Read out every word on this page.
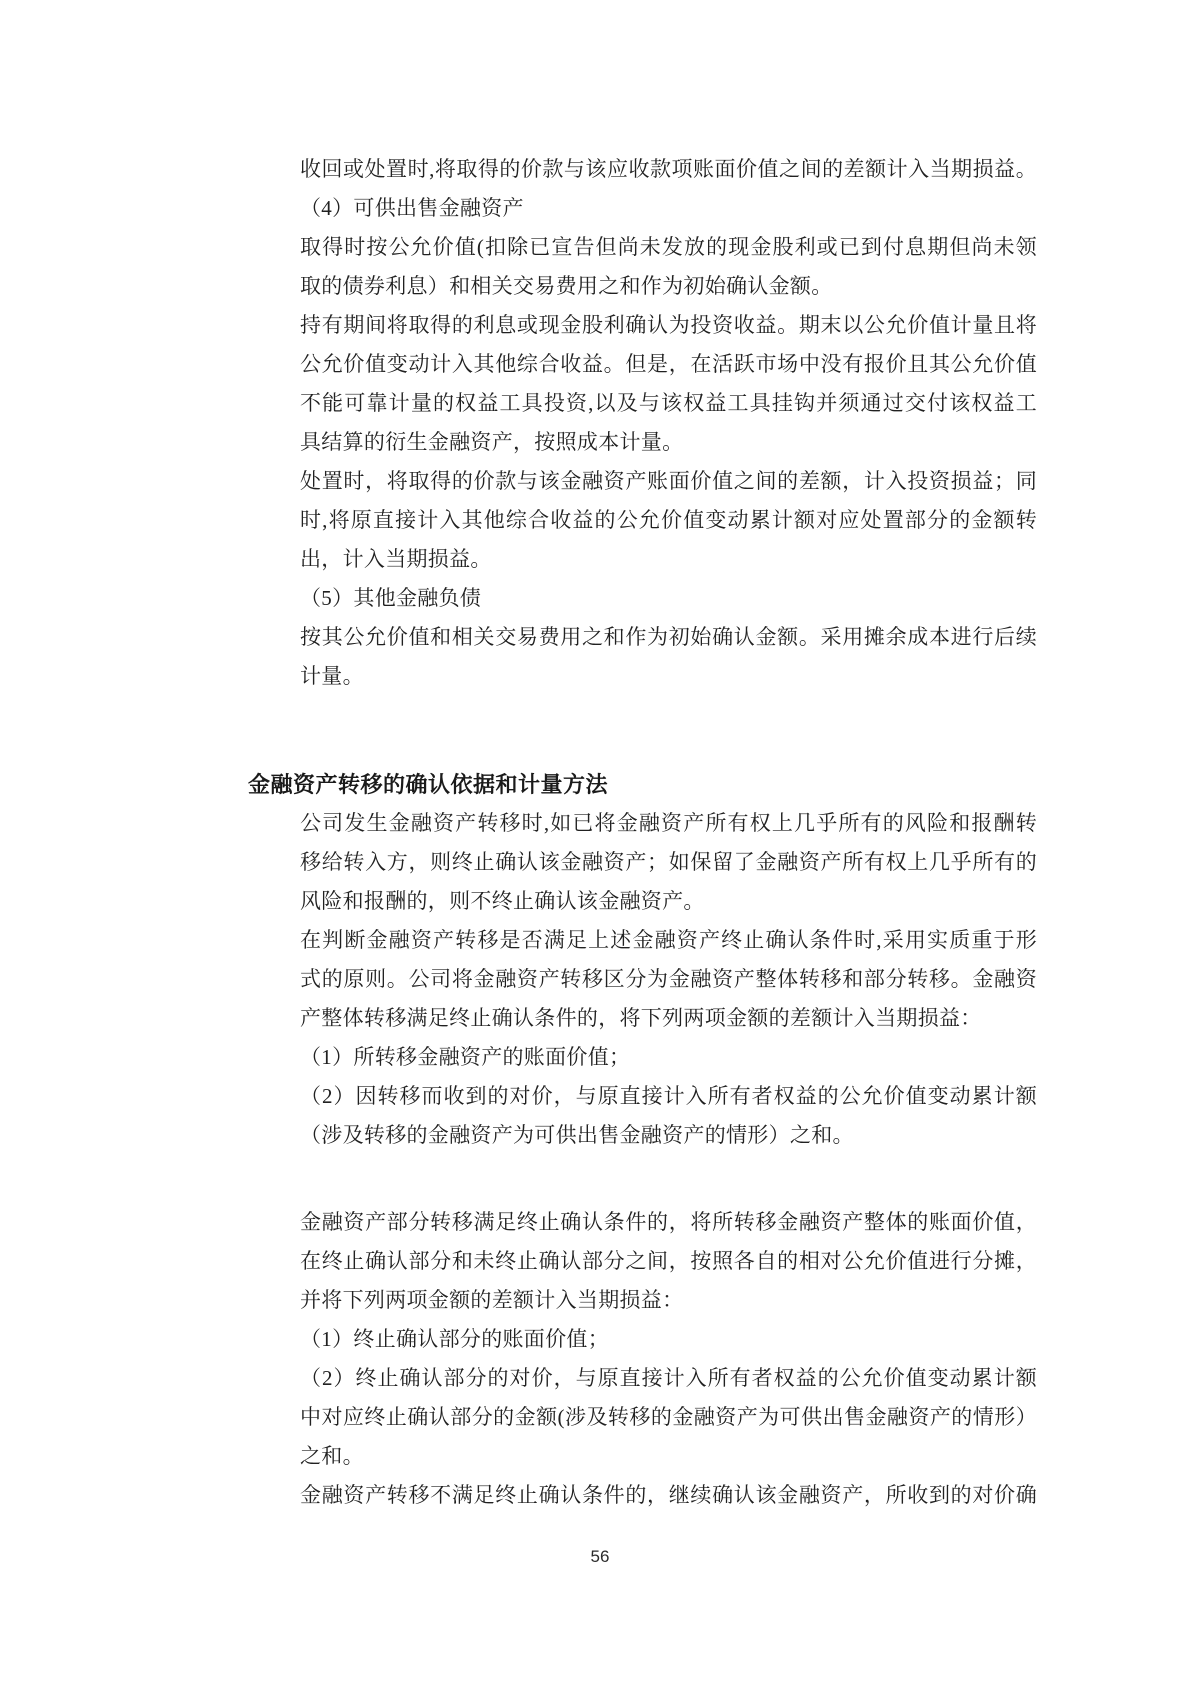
收回或处置时,将取得的价款与该应收款项账面价值之间的差额计入当期损益。
（4）可供出售金融资产
取得时按公允价值(扣除已宣告但尚未发放的现金股利或已到付息期但尚未领
取的债券利息）和相关交易费用之和作为初始确认金额。
持有期间将取得的利息或现金股利确认为投资收益。期末以公允价值计量且将
公允价值变动计入其他综合收益。但是，在活跃市场中没有报价且其公允价值
不能可靠计量的权益工具投资,以及与该权益工具挂钩并须通过交付该权益工
具结算的衍生金融资产，按照成本计量。
处置时，将取得的价款与该金融资产账面价值之间的差额，计入投资损益；同
时,将原直接计入其他综合收益的公允价值变动累计额对应处置部分的金额转
出，计入当期损益。
（5）其他金融负债
按其公允价值和相关交易费用之和作为初始确认金额。采用摊余成本进行后续
计量。
金融资产转移的确认依据和计量方法
公司发生金融资产转移时,如已将金融资产所有权上几乎所有的风险和报酬转
移给转入方，则终止确认该金融资产；如保留了金融资产所有权上几乎所有的
风险和报酬的，则不终止确认该金融资产。
在判断金融资产转移是否满足上述金融资产终止确认条件时,采用实质重于形
式的原则。公司将金融资产转移区分为金融资产整体转移和部分转移。金融资
产整体转移满足终止确认条件的，将下列两项金额的差额计入当期损益：
（1）所转移金融资产的账面价值；
（2）因转移而收到的对价，与原直接计入所有者权益的公允价值变动累计额
（涉及转移的金融资产为可供出售金融资产的情形）之和。
金融资产部分转移满足终止确认条件的，将所转移金融资产整体的账面价值，
在终止确认部分和未终止确认部分之间，按照各自的相对公允价值进行分摊，
并将下列两项金额的差额计入当期损益：
（1）终止确认部分的账面价值；
（2）终止确认部分的对价，与原直接计入所有者权益的公允价值变动累计额
中对应终止确认部分的金额(涉及转移的金融资产为可供出售金融资产的情形）
之和。
金融资产转移不满足终止确认条件的，继续确认该金融资产，所收到的对价确
56
